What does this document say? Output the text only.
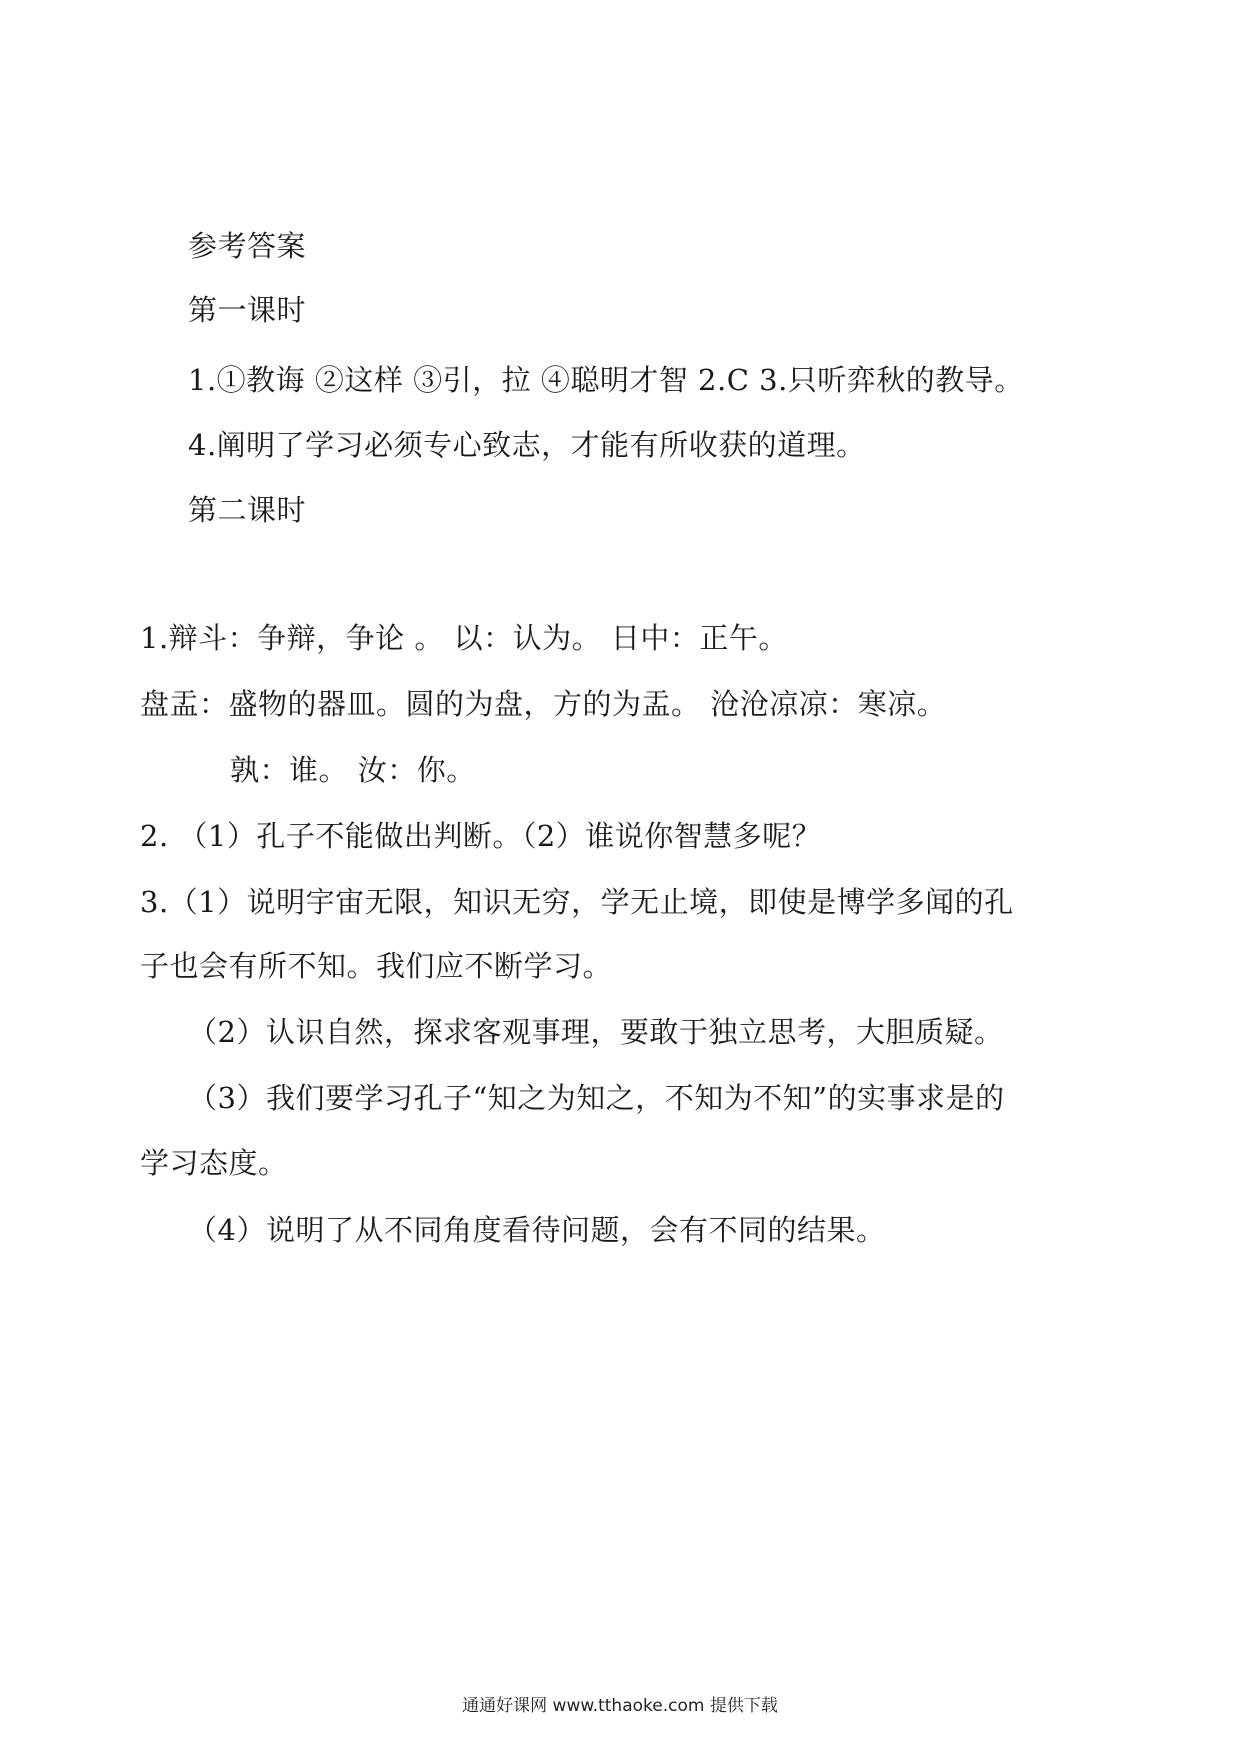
参考答案
第一课时
1.①教诲 ②这样 ③引，拉 ④聪明才智 2.C 3.只听弈秋的教导。
4.阐明了学习必须专心致志，才能有所收获的道理。
第二课时
1.辩斗：争辩，争论 。 以：认为。 日中：正午。
盘盂：盛物的器皿。圆的为盘，方的为盂。 沧沧凉凉：寒凉。
孰：谁。 汝：你。
2. （1）孔子不能做出判断。（2）谁说你智慧多呢？
3.（1）说明宇宙无限，知识无穷，学无止境，即使是博学多闻的孔
子也会有所不知。我们应不断学习。
（2）认识自然，探求客观事理，要敢于独立思考，大胆质疑。
（3）我们要学习孔子“知之为知之，不知为不知”的实事求是的
学习态度。
（4）说明了从不同角度看待问题，会有不同的结果。
通通好课网 www.tthaoke.com 提供下载
